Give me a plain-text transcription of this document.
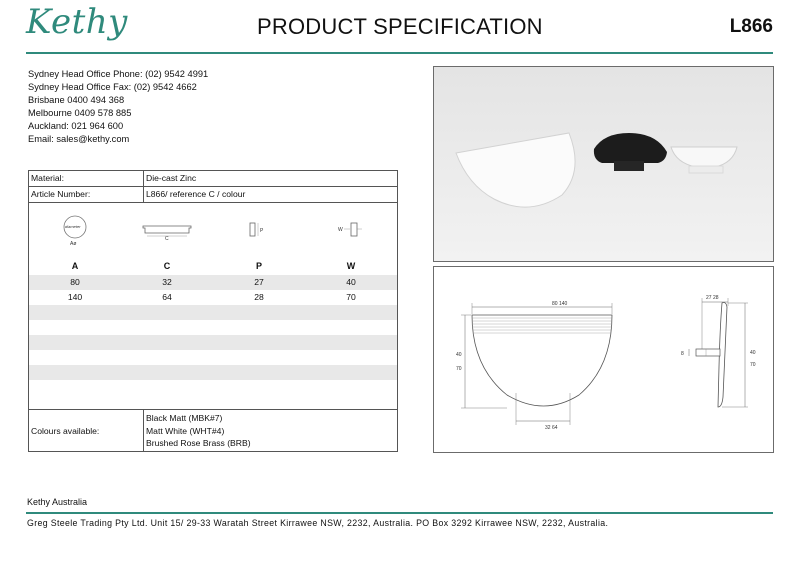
Kethy	PRODUCT SPECIFICATION	L866
Sydney Head Office Phone: (02) 9542 4991
Sydney Head Office Fax: (02) 9542 4662
Brisbane 0400 494 368
Melbourne 0409 578 885
Auckland: 021 964 600
Email: sales@kethy.com
80 140
40
70
32 64
27 28
40
70
8
Material:	Die-cast Zinc
Article Number:	L866/ reference C / colour
diameter
Aø
C
P	W
A	C	P	W
80	32	27	40
140	64	28	70
Colours available:
Black Matt (MBK#7)
Matt White (WHT#4)
Brushed Rose Brass (BRB)
Kethy Australia
Greg Steele Trading Pty Ltd. Unit 15/ 29-33 Waratah Street Kirrawee NSW, 2232, Australia. PO Box 3292 Kirrawee NSW, 2232, Australia.
